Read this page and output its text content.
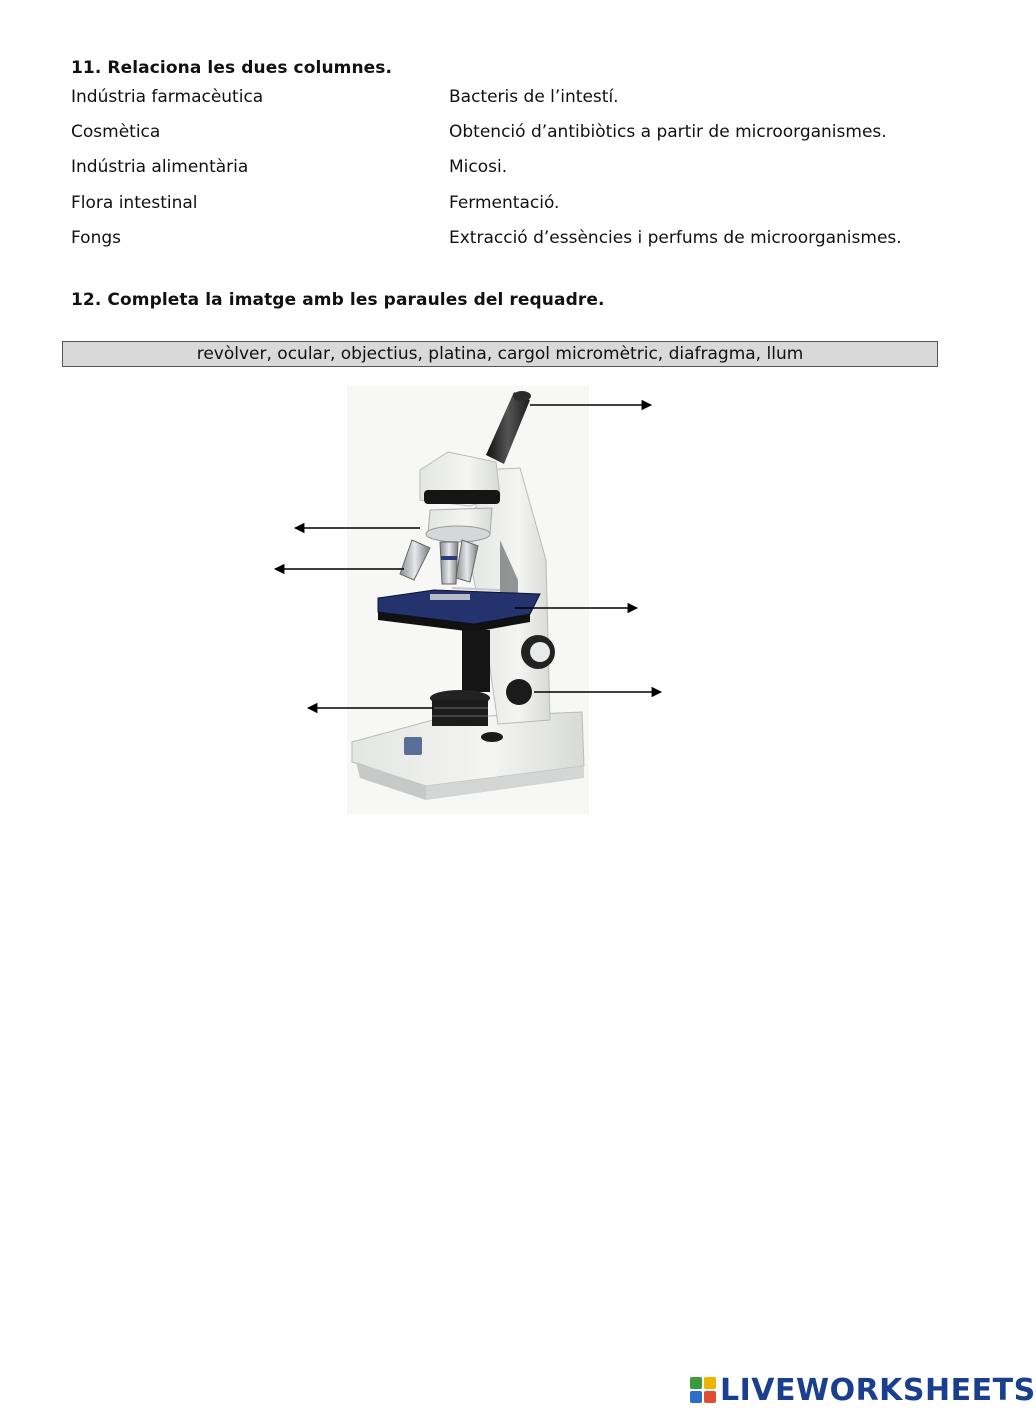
11. Relaciona les dues columnes.
Indústria farmacèutica
Cosmètica
Indústria alimentària
Flora intestinal
Fongs
Bacteris de l’intestí.
Obtenció d’antibiòtics a partir de microorganismes.
Micosi.
Fermentació.
Extracció d’essències i perfums de microorganismes.
12. Completa la imatge amb les paraules del requadre.
revòlver, ocular, objectius, platina, cargol micromètric, diafragma, llum
LIVEWORKSHEETS
